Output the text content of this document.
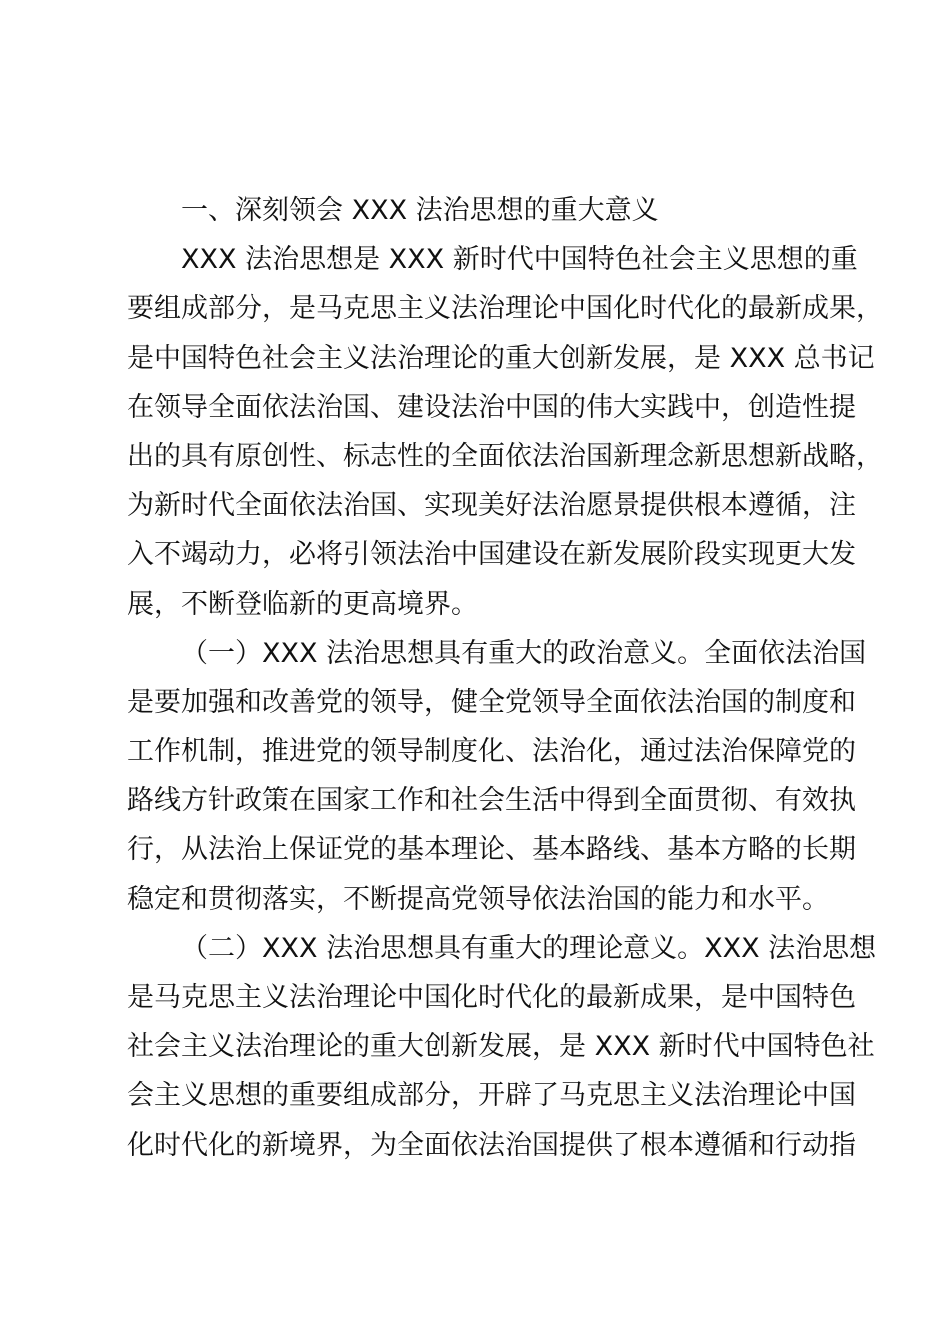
一、深刻领会 XXX 法治思想的重大意义
XXX 法治思想是 XXX 新时代中国特色社会主义思想的重
要组成部分，是马克思主义法治理论中国化时代化的最新成果，
是中国特色社会主义法治理论的重大创新发展，是 XXX 总书记
在领导全面依法治国、建设法治中国的伟大实践中，创造性提
出的具有原创性、标志性的全面依法治国新理念新思想新战略，
为新时代全面依法治国、实现美好法治愿景提供根本遵循，注
入不竭动力，必将引领法治中国建设在新发展阶段实现更大发
展，不断登临新的更高境界。
（一）XXX 法治思想具有重大的政治意义。全面依法治国
是要加强和改善党的领导，健全党领导全面依法治国的制度和
工作机制，推进党的领导制度化、法治化，通过法治保障党的
路线方针政策在国家工作和社会生活中得到全面贯彻、有效执
行，从法治上保证党的基本理论、基本路线、基本方略的长期
稳定和贯彻落实，不断提高党领导依法治国的能力和水平。
（二）XXX 法治思想具有重大的理论意义。XXX 法治思想
是马克思主义法治理论中国化时代化的最新成果，是中国特色
社会主义法治理论的重大创新发展，是 XXX 新时代中国特色社
会主义思想的重要组成部分，开辟了马克思主义法治理论中国
化时代化的新境界，为全面依法治国提供了根本遵循和行动指
